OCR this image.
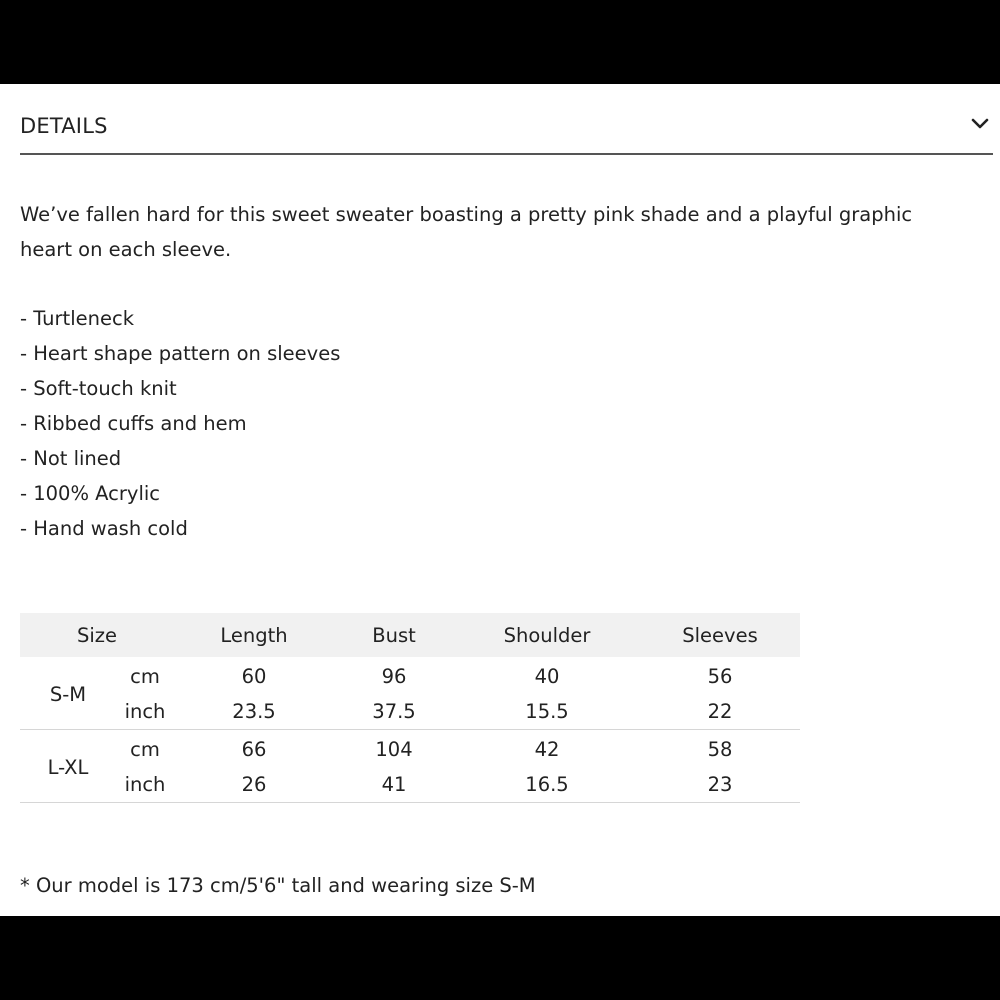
DETAILS
We’ve fallen hard for this sweet sweater boasting a pretty pink shade and a playful graphic heart on each sleeve.
- Turtleneck
- Heart shape pattern on sleeves
- Soft-touch knit
- Ribbed cuffs and hem
- Not lined
- 100% Acrylic
- Hand wash cold
Size		Length	Bust	Shoulder	Sleeves
S-M	cm	60	96	40	56
	inch	23.5	37.5	15.5	22
L-XL	cm	66	104	42	58
	inch	26	41	16.5	23
* Our model is 173 cm/5'6" tall and wearing size S-M
